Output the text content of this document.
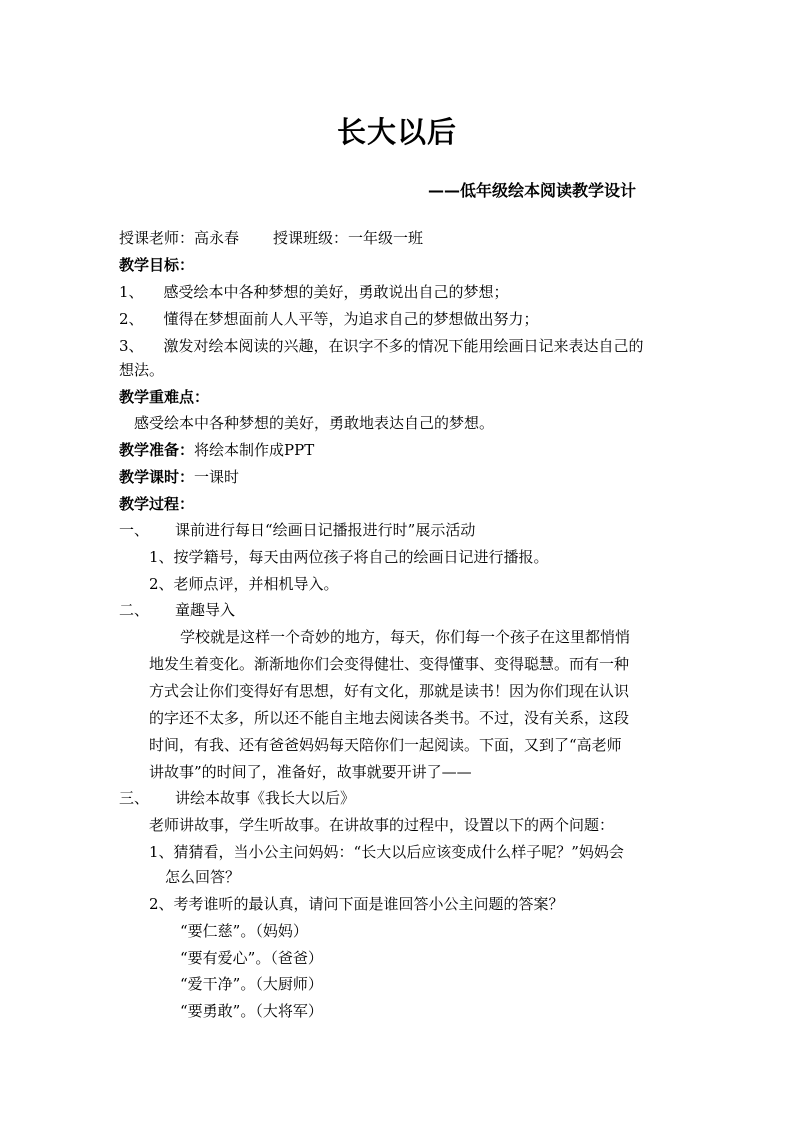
长大以后
——低年级绘本阅读教学设计
授课老师：高永春 授课班级：一年级一班
教学目标：
1、 感受绘本中各种梦想的美好，勇敢说出自己的梦想；
2、 懂得在梦想面前人人平等，为追求自己的梦想做出努力；
3、 激发对绘本阅读的兴趣，在识字不多的情况下能用绘画日记来表达自己的
想法。
教学重难点：
感受绘本中各种梦想的美好，勇敢地表达自己的梦想。
教学准备：将绘本制作成PPT
教学课时：一课时
教学过程：
一、 课前进行每日“绘画日记播报进行时”展示活动
1、按学籍号，每天由两位孩子将自己的绘画日记进行播报。
2、老师点评，并相机导入。
二、 童趣导入
学校就是这样一个奇妙的地方，每天，你们每一个孩子在这里都悄悄
地发生着变化。渐渐地你们会变得健壮、变得懂事、变得聪慧。而有一种
方式会让你们变得好有思想，好有文化，那就是读书！因为你们现在认识
的字还不太多，所以还不能自主地去阅读各类书。不过，没有关系，这段
时间，有我、还有爸爸妈妈每天陪你们一起阅读。下面，又到了“高老师
讲故事”的时间了，准备好，故事就要开讲了——
三、 讲绘本故事《我长大以后》
老师讲故事，学生听故事。在讲故事的过程中，设置以下的两个问题：
1、猜猜看，当小公主问妈妈：“长大以后应该变成什么样子呢？”妈妈会
怎么回答？
2、考考谁听的最认真，请问下面是谁回答小公主问题的答案？
“要仁慈”。（妈妈）
“要有爱心”。（爸爸）
“爱干净”。（大厨师）
“要勇敢”。（大将军）
